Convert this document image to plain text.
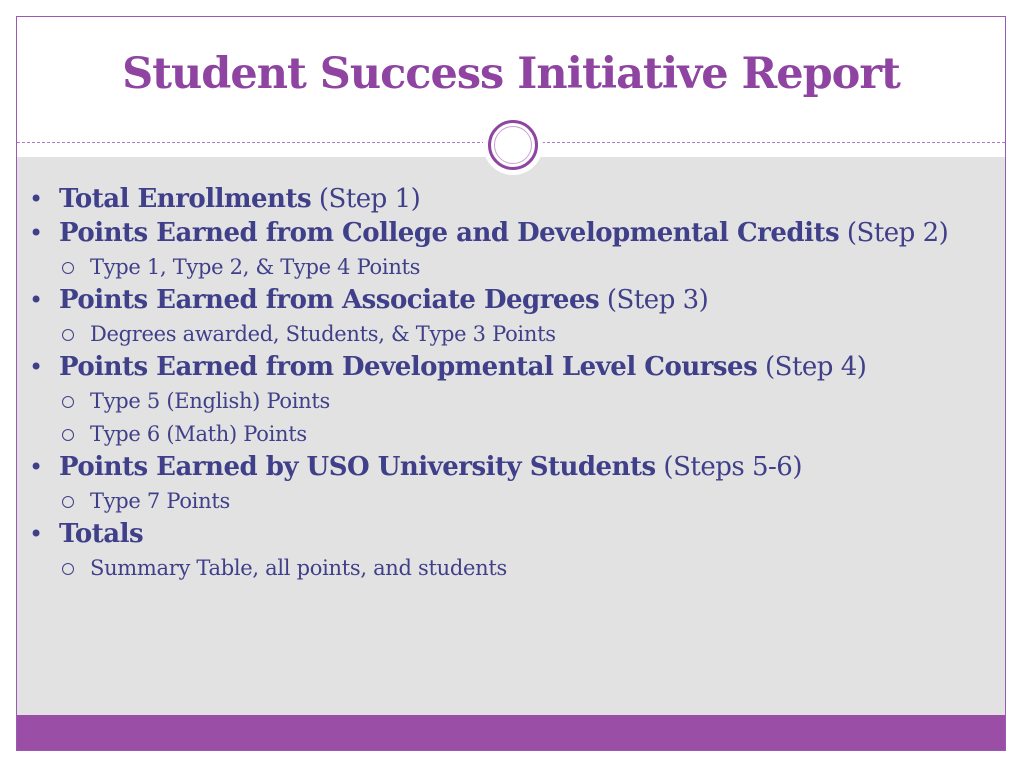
Student Success Initiative Report
• Total Enrollments (Step 1)
• Points Earned from College and Developmental Credits (Step 2)
Type 1, Type 2, & Type 4 Points
• Points Earned from Associate Degrees (Step 3)
Degrees awarded, Students, & Type 3 Points
• Points Earned from Developmental Level Courses (Step 4)
Type 5 (English) Points
Type 6 (Math) Points
• Points Earned by USO University Students (Steps 5-6)
Type 7 Points
• Totals
Summary Table, all points, and students
